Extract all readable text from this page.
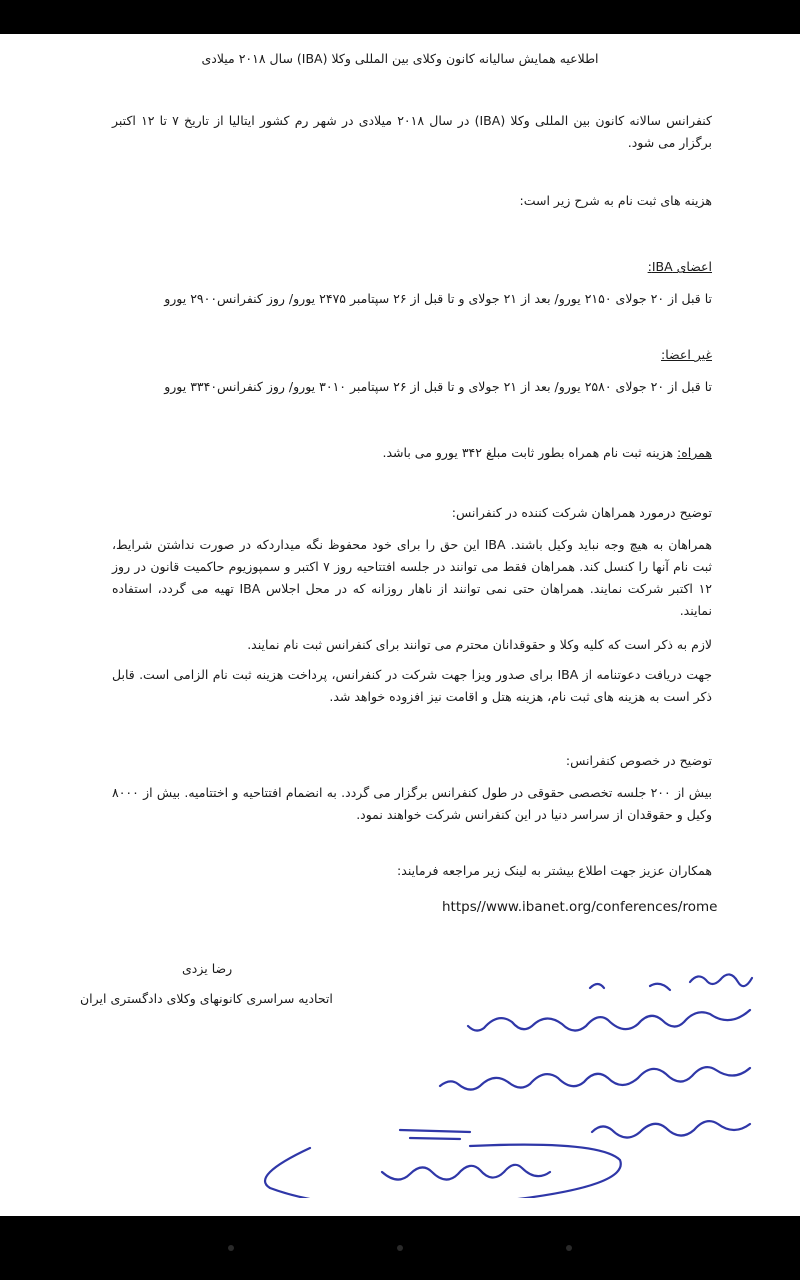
اطلاعیه همایش سالیانه کانون وکلای بین المللی وکلا (IBA) سال ۲۰۱۸ میلادی

کنفرانس سالانه کانون بین المللی وکلا (IBA) در سال ۲۰۱۸ میلادی در شهر رم کشور ایتالیا از تاریخ ۷ تا ۱۲ اکتبر برگزار می شود.

هزینه های ثبت نام به شرح زیر است:

اعضای IBA:

تا قبل از ۲۰ جولای ۲۱۵۰ یورو/ بعد از ۲۱ جولای و تا قبل از ۲۶ سپتامبر ۲۴۷۵ یورو/ روز کنفرانس۲۹۰۰ یورو

غیر اعضا:

تا قبل از ۲۰ جولای ۲۵۸۰ یورو/ بعد از ۲۱ جولای و تا قبل از ۲۶ سپتامبر ۳۰۱۰ یورو/ روز کنفرانس۳۳۴۰ یورو

همراه: هزینه ثبت نام همراه بطور ثابت مبلغ ۳۴۲ یورو می باشد.

توضیح درمورد همراهان شرکت کننده در کنفرانس:

همراهان به هیچ وجه نباید وکیل باشند. IBA این حق را برای خود محفوظ نگه میداردکه در صورت نداشتن شرایط، ثبت نام آنها را کنسل کند. همراهان فقط می توانند در جلسه افتتاحیه روز ۷ اکتبر و سمپوزیوم حاکمیت قانون در روز ۱۲ اکتبر شرکت نمایند. همراهان حتی نمی توانند از ناهار روزانه که در محل اجلاس IBA تهیه می گردد، استفاده نمایند.

لازم به ذکر است که کلیه وکلا و حقوقدانان محترم می توانند برای کنفرانس ثبت نام نمایند.

جهت دریافت دعوتنامه از IBA برای صدور ویزا جهت شرکت در کنفرانس، پرداخت هزینه ثبت نام الزامی است. قابل ذکر است به هزینه های ثبت نام، هزینه هتل و اقامت نیز افزوده خواهد شد.

توضیح در خصوص کنفرانس:

بیش از ۲۰۰ جلسه تخصصی حقوقی در طول کنفرانس برگزار می گردد. به انضمام افتتاحیه و اختتامیه. بیش از ۸۰۰۰ وکیل و حقوقدان از سراسر دنیا در این کنفرانس شرکت خواهند نمود.

همکاران عزیز جهت اطلاع بیشتر به لینک زیر مراجعه فرمایند:

https//www.ibanet.org/conferences/rome

رضا یزدی

اتحادیه سراسری کانونهای وکلای دادگستری ایران
